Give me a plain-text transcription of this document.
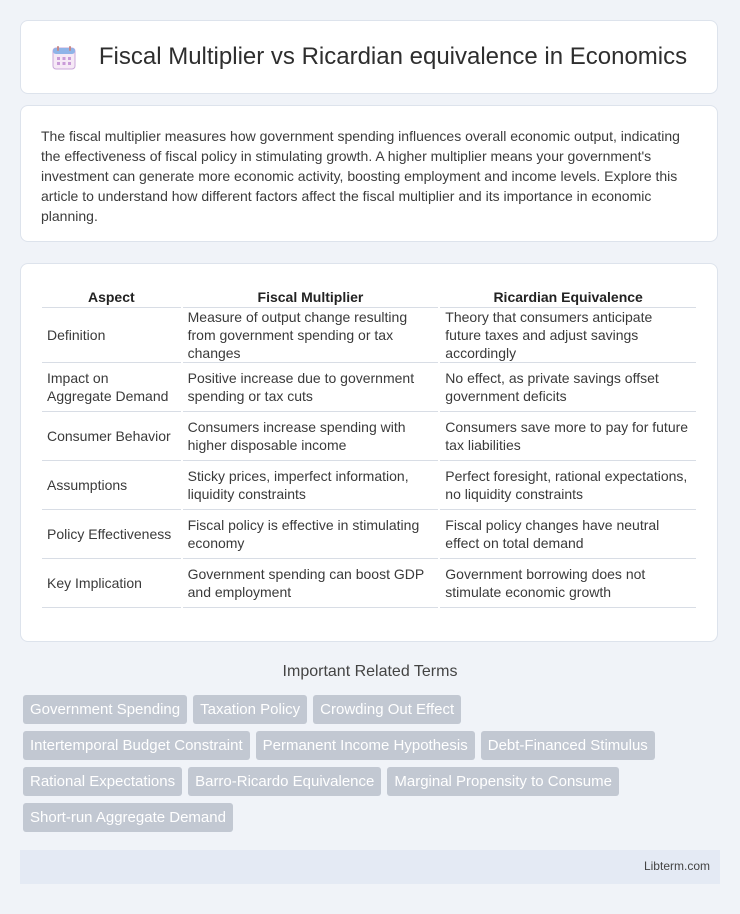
Fiscal Multiplier vs Ricardian equivalence in Economics

The fiscal multiplier measures how government spending influences overall economic output, indicating the effectiveness of fiscal policy in stimulating growth. A higher multiplier means your government's investment can generate more economic activity, boosting employment and income levels. Explore this article to understand how different factors affect the fiscal multiplier and its importance in economic planning.

Aspect	Fiscal Multiplier	Ricardian Equivalence
Definition	Measure of output change resulting from government spending or tax changes	Theory that consumers anticipate future taxes and adjust savings accordingly
Impact on Aggregate Demand	Positive increase due to government spending or tax cuts	No effect, as private savings offset government deficits
Consumer Behavior	Consumers increase spending with higher disposable income	Consumers save more to pay for future tax liabilities
Assumptions	Sticky prices, imperfect information, liquidity constraints	Perfect foresight, rational expectations, no liquidity constraints
Policy Effectiveness	Fiscal policy is effective in stimulating economy	Fiscal policy changes have neutral effect on total demand
Key Implication	Government spending can boost GDP and employment	Government borrowing does not stimulate economic growth
Important Related Terms
Government Spending Taxation Policy Crowding Out Effect
Intertemporal Budget Constraint Permanent Income Hypothesis Debt-Financed Stimulus
Rational Expectations Barro-Ricardo Equivalence Marginal Propensity to Consume
Short-run Aggregate Demand
Libterm.com
